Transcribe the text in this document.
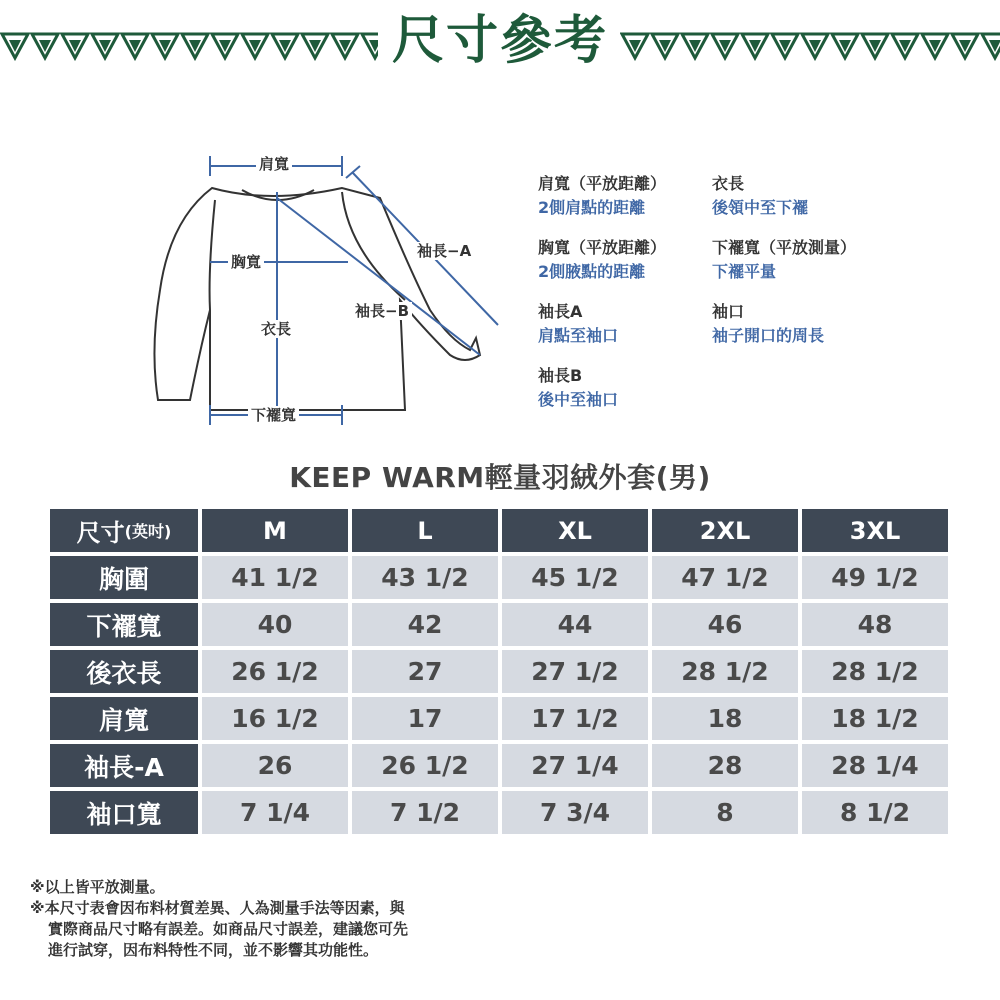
尺寸參考
肩寬
胸寬
衣長
下襬寬
袖長−A
袖長−B
肩寬（平放距離）
2側肩點的距離
衣長
後領中至下襬
胸寬（平放距離）
2側腋點的距離
下襬寬（平放測量）
下襬平量
袖長A
肩點至袖口
袖口
袖子開口的周長
袖長B
後中至袖口
KEEP WARM輕量羽絨外套(男)
尺寸 (英吋)	M	L	XL	2XL	3XL
胸圍	41 1/2	43 1/2	45 1/2	47 1/2	49 1/2
下襬寬	40	42	44	46	48
後衣長	26 1/2	27	27 1/2	28 1/2	28 1/2
肩寬	16 1/2	17	17 1/2	18	18 1/2
袖長-A	26	26 1/2	27 1/4	28	28 1/4
袖口寬	7 1/4	7 1/2	7 3/4	8	8 1/2
※以上皆平放測量。
※本尺寸表會因布料材質差異、人為測量手法等因素，與
實際商品尺寸略有誤差。如商品尺寸誤差，建議您可先
進行試穿，因布料特性不同，並不影響其功能性。
